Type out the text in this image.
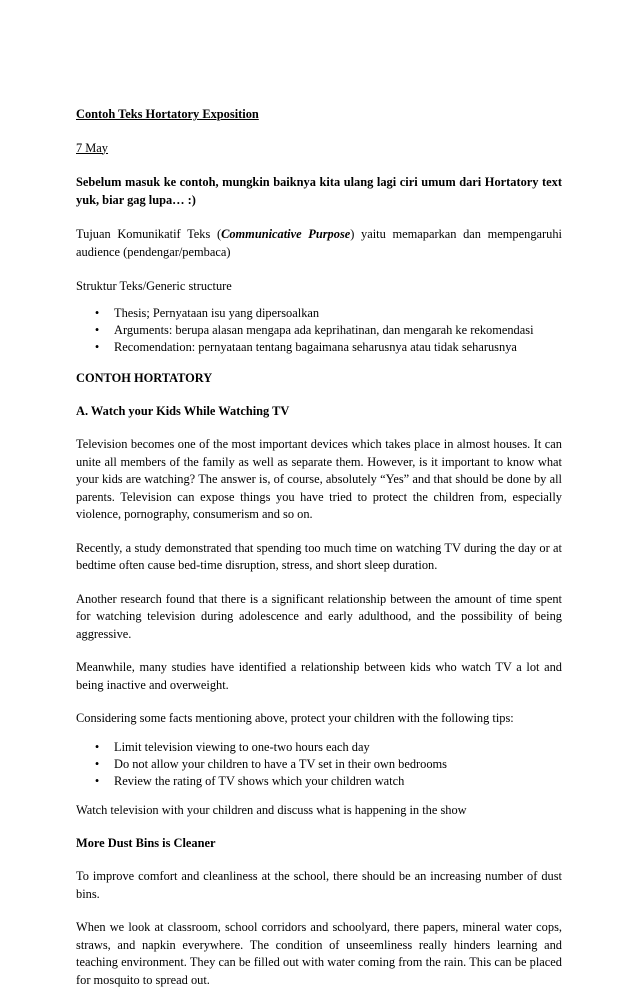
Contoh Teks Hortatory Exposition

7 May

Sebelum masuk ke contoh, mungkin baiknya kita ulang lagi ciri umum dari Hortatory text yuk, biar gag lupa… :)

Tujuan Komunikatif Teks (Communicative Purpose) yaitu memaparkan dan mempengaruhi audience (pendengar/pembaca)

Struktur Teks/Generic structure

• Thesis; Pernyataan isu yang dipersoalkan
• Arguments: berupa alasan mengapa ada keprihatinan, dan mengarah ke rekomendasi
• Recomendation: pernyataan tentang bagaimana seharusnya atau tidak seharusnya

CONTOH HORTATORY

A. Watch your Kids While Watching TV

Television becomes one of the most important devices which takes place in almost houses. It can unite all members of the family as well as separate them. However, is it important to know what your kids are watching? The answer is, of course, absolutely “Yes” and that should be done by all parents. Television can expose things you have tried to protect the children from, especially violence, pornography, consumerism and so on.

Recently, a study demonstrated that spending too much time on watching TV during the day or at bedtime often cause bed-time disruption, stress, and short sleep duration.

Another research found that there is a significant relationship between the amount of time spent for watching television during adolescence and early adulthood, and the possibility of being aggressive.

Meanwhile, many studies have identified a relationship between kids who watch TV a lot and being inactive and overweight.

Considering some facts mentioning above, protect your children with the following tips:

• Limit television viewing to one-two hours each day
• Do not allow your children to have a TV set in their own bedrooms
• Review the rating of TV shows which your children watch

Watch television with your children and discuss what is happening in the show

More Dust Bins is Cleaner

To improve comfort and cleanliness at the school, there should be an increasing number of dust bins.

When we look at classroom, school corridors and schoolyard, there papers, mineral water cops, straws, and napkin everywhere. The condition of unseemliness really hinders learning and teaching environment. They can be filled out with water coming from the rain. This can be placed for mosquito to spread out.
